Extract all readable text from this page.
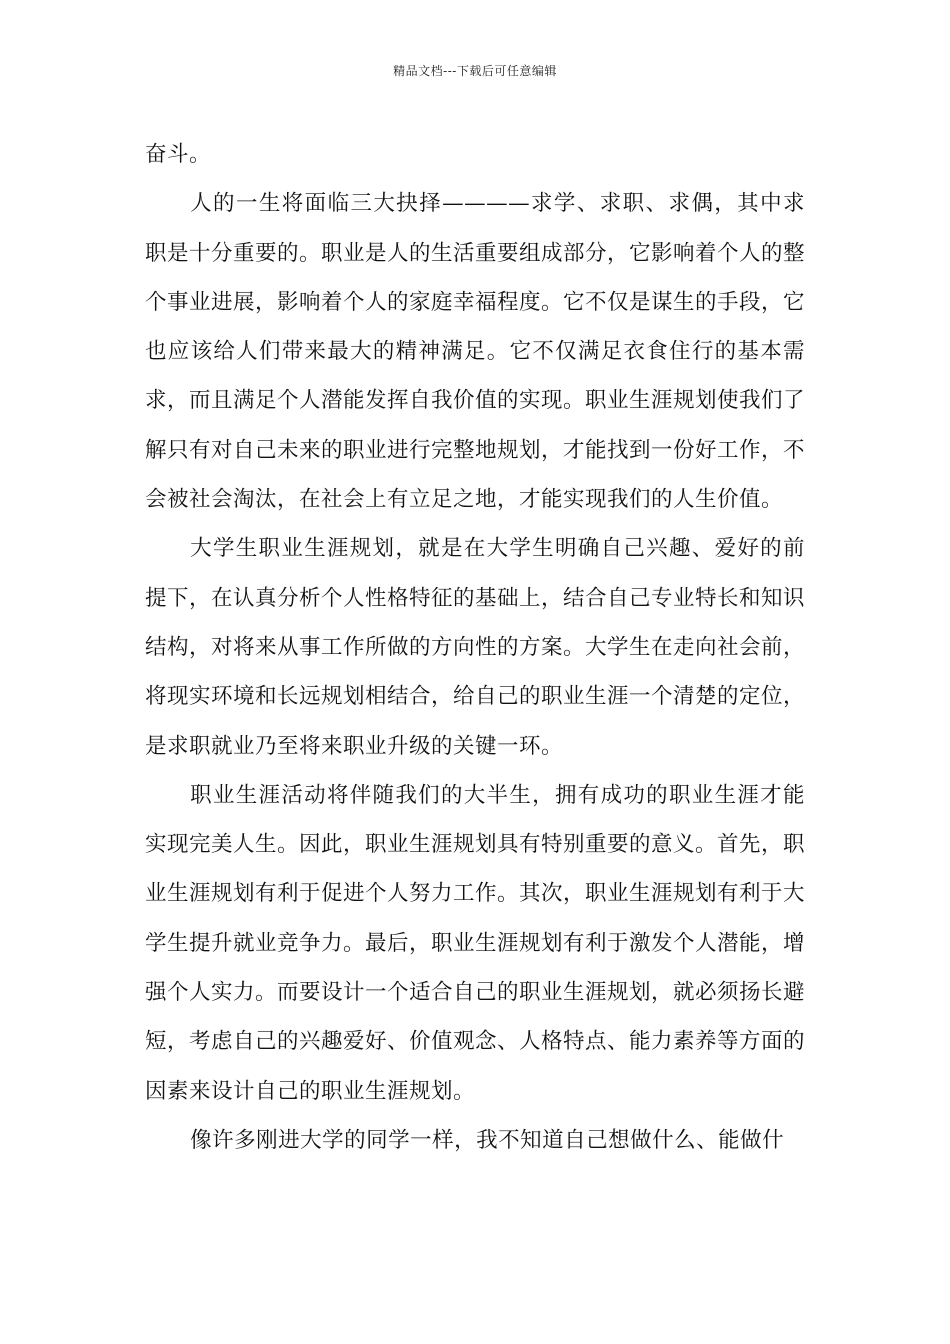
精品文档---下载后可任意编辑

奋斗。

人的一生将面临三大抉择————求学、求职、求偶，其中求职是十分重要的。职业是人的生活重要组成部分，它影响着个人的整个事业进展，影响着个人的家庭幸福程度。它不仅是谋生的手段，它也应该给人们带来最大的精神满足。它不仅满足衣食住行的基本需求，而且满足个人潜能发挥自我价值的实现。职业生涯规划使我们了解只有对自己未来的职业进行完整地规划，才能找到一份好工作，不会被社会淘汰，在社会上有立足之地，才能实现我们的人生价值。

大学生职业生涯规划，就是在大学生明确自己兴趣、爱好的前提下，在认真分析个人性格特征的基础上，结合自己专业特长和知识结构，对将来从事工作所做的方向性的方案。大学生在走向社会前，将现实环境和长远规划相结合，给自己的职业生涯一个清楚的定位，是求职就业乃至将来职业升级的关键一环。

职业生涯活动将伴随我们的大半生，拥有成功的职业生涯才能实现完美人生。因此，职业生涯规划具有特别重要的意义。首先，职业生涯规划有利于促进个人努力工作。其次，职业生涯规划有利于大学生提升就业竞争力。最后，职业生涯规划有利于激发个人潜能，增强个人实力。而要设计一个适合自己的职业生涯规划，就必须扬长避短，考虑自己的兴趣爱好、价值观念、人格特点、能力素养等方面的因素来设计自己的职业生涯规划。

像许多刚进大学的同学一样，我不知道自己想做什么、能做什
